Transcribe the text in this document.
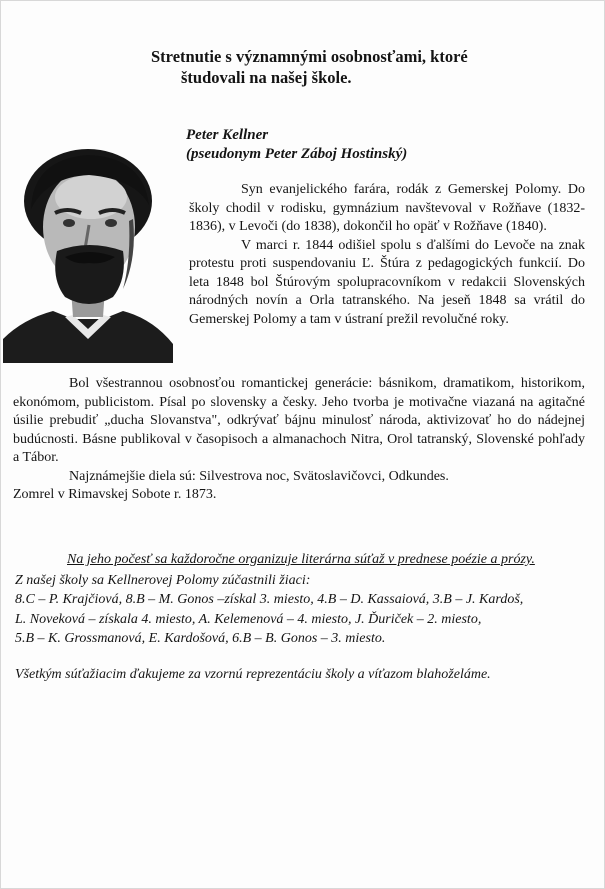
Stretnutie s významnými osobnosťami, ktoré
študovali na našej škole.
Peter Kellner
(pseudonym Peter Záboj Hostinský)

Syn evanjelického farára, rodák z Gemerskej Polomy. Do školy chodil v rodisku, gymnázium navštevoval v Rožňave (1832-1836), v Levoči (do 1838), dokončil ho opäť v Rožňave (1840).

V marci r. 1844 odišiel spolu s ďalšími do Levoče na znak protestu proti suspendovaniu Ľ. Štúra z pedagogických funkcií. Do leta 1848 bol Štúrovým spolupracovníkom v redakcii Slovenských národných novín a Orla tatranského. Na jeseň 1848 sa vrátil do Gemerskej Polomy a tam v ústraní prežil revolučné roky.

Bol všestrannou osobnosťou romantickej generácie: básnikom, dramatikom, historikom, ekonómom, publicistom. Písal po slovensky a česky. Jeho tvorba je motivačne viazaná na agitačné úsilie prebudiť „ducha Slovanstva", odkrývať bájnu minulosť národa, aktivizovať ho do nádejnej budúcnosti. Básne publikoval v časopisoch a almanachoch Nitra, Orol tatranský, Slovenské pohľady a Tábor.

Najznámejšie diela sú: Silvestrova noc, Svätoslavičovci, Odkundes.

Zomrel v Rimavskej Sobote r. 1873.

Na jeho počesť sa každoročne organizuje literárna súťaž v prednese poézie a prózy.

Z našej školy sa Kellnerovej Polomy zúčastnili žiaci:

8.C – P. Krajčiová, 8.B – M. Gonos –získal 3. miesto, 4.B – D. Kassaiová, 3.B – J. Kardoš,

L. Noveková – získala 4. miesto, A. Kelemenová – 4. miesto, J. Ďuriček – 2. miesto,

5.B – K. Grossmanová, E. Kardošová, 6.B – B. Gonos – 3. miesto.

Všetkým súťažiacim ďakujeme za vzornú reprezentáciu školy a víťazom blahoželáme.
